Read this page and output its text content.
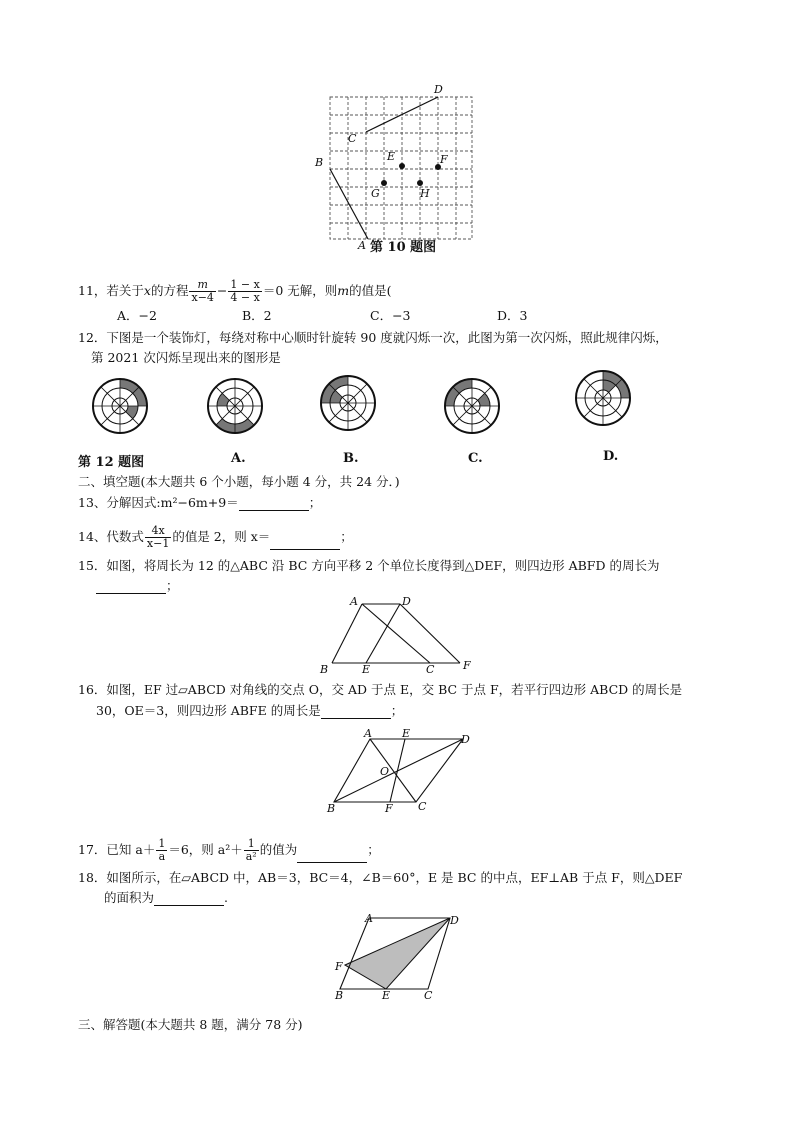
D
C
B	E	F
G	H
A 第 10 题图
11，若关于x的方程 $\frac{m}{x-4} - \frac{1 - x}{4 - x} =0$ 无解，则m的值是(
A．−2	B．2	C．−3	D．3
12．下图是一个装饰灯，每绕对称中心顺时针旋转 90 度就闪烁一次，此图为第一次闪烁，照此规律闪烁，
第 2021 次闪烁呈现出来的图形是
第 12 题图	A.	B.	C.	D.
二、填空题(本大题共 6 个小题，每小题 4 分，共 24 分．)
13、分解因式:m²−6m+9＝	；
14、代数式 $\frac{4x}{x-1}$ 的值是 2，则 x＝	；
15．如图，将周长为 12 的△ABC 沿 BC 方向平移 2 个单位长度得到△DEF，则四边形 ABFD 的周长为
；
A	D
B	E	C	F
16．如图，EF 过▱ABCD 对角线的交点 O，交 AD 于点 E，交 BC 于点 F，若平行四边形 ABCD 的周长是
30，OE＝3，则四边形 ABFE 的周长是	；
A	E	D
O
B	F C
17．已知 $a+ \frac{1}{a} =6$，则 $a^2+ \frac{1}{\text{a²}}$ 的值为	；
18．如图所示，在▱ABCD 中，AB＝3，BC＝4，∠B＝60°，E 是 BC 的中点，EF⊥AB 于点 F，则△DEF
的面积为	.
A	D
F
B	E	C
三、解答题(本大题共 8 题，满分 78 分)
